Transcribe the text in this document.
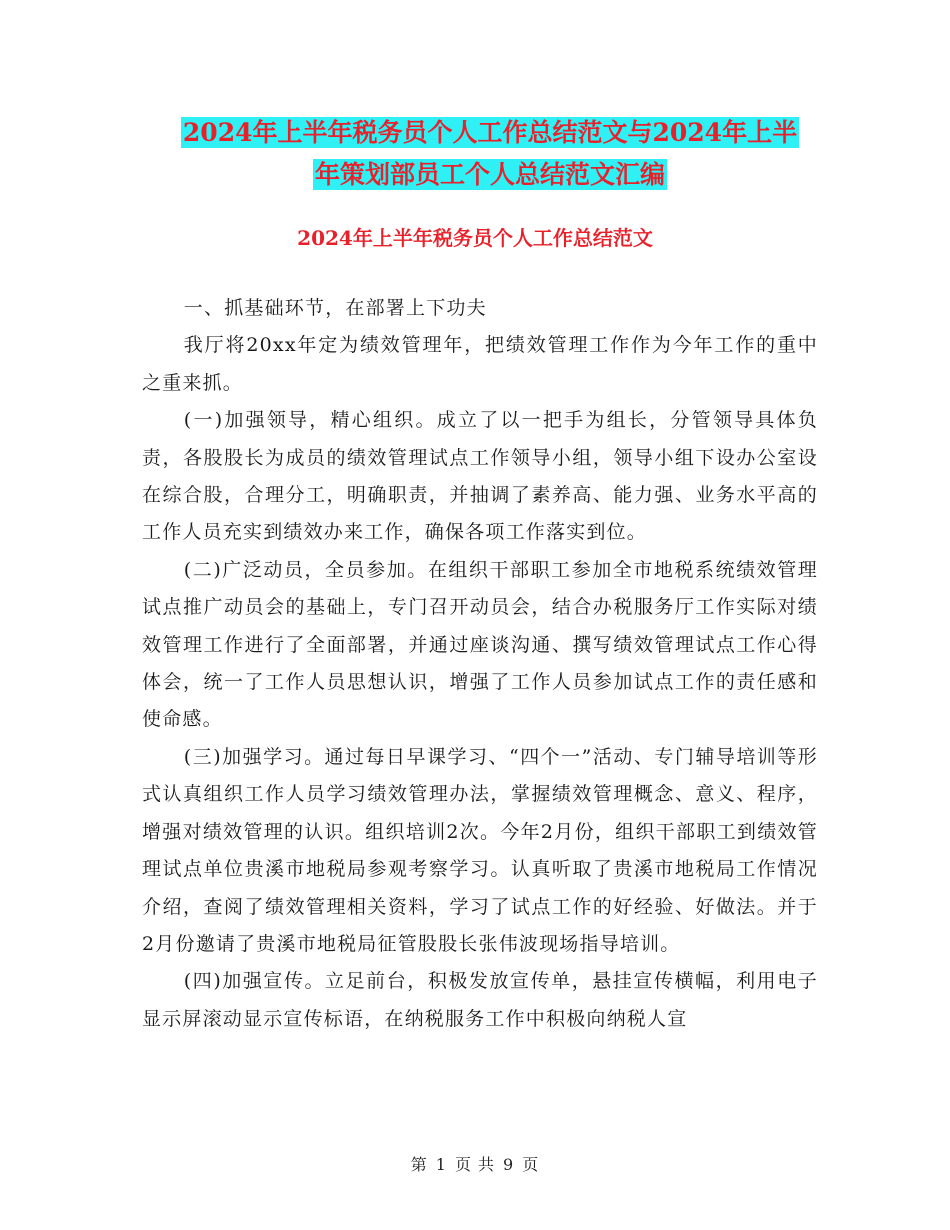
2024年上半年税务员个人工作总结范文与2024年上半
年策划部员工个人总结范文汇编
2024年上半年税务员个人工作总结范文

一、抓基础环节，在部署上下功夫

我厅将20xx年定为绩效管理年，把绩效管理工作作为今年工作的重中之重来抓。

(一)加强领导，精心组织。成立了以一把手为组长，分管领导具体负责，各股股长为成员的绩效管理试点工作领导小组，领导小组下设办公室设在综合股，合理分工，明确职责，并抽调了素养高、能力强、业务水平高的工作人员充实到绩效办来工作，确保各项工作落实到位。

(二)广泛动员，全员参加。在组织干部职工参加全市地税系统绩效管理试点推广动员会的基础上，专门召开动员会，结合办税服务厅工作实际对绩效管理工作进行了全面部署，并通过座谈沟通、撰写绩效管理试点工作心得体会，统一了工作人员思想认识，增强了工作人员参加试点工作的责任感和使命感。

(三)加强学习。通过每日早课学习、“四个一”活动、专门辅导培训等形式认真组织工作人员学习绩效管理办法，掌握绩效管理概念、意义、程序，增强对绩效管理的认识。组织培训2次。今年2月份，组织干部职工到绩效管理试点单位贵溪市地税局参观考察学习。认真听取了贵溪市地税局工作情况介绍，查阅了绩效管理相关资料，学习了试点工作的好经验、好做法。并于2月份邀请了贵溪市地税局征管股股长张伟波现场指导培训。

(四)加强宣传。立足前台，积极发放宣传单，悬挂宣传横幅，利用电子显示屏滚动显示宣传标语，在纳税服务工作中积极向纳税人宣

第 1 页 共 9 页
